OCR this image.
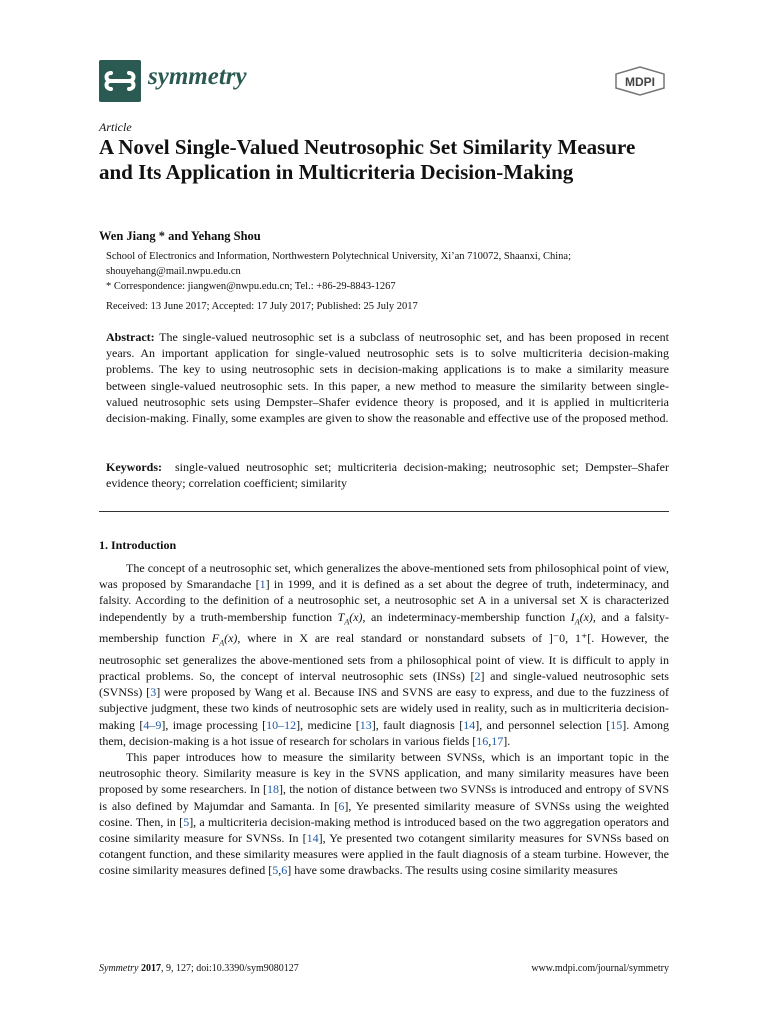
symmetry	MDPI
Article
A Novel Single-Valued Neutrosophic Set Similarity Measure and Its Application in Multicriteria Decision-Making
Wen Jiang * and Yehang Shou
School of Electronics and Information, Northwestern Polytechnical University, Xi’an 710072, Shaanxi, China;
shouyehang@mail.nwpu.edu.cn
* Correspondence: jiangwen@nwpu.edu.cn; Tel.: +86-29-8843-1267
Received: 13 June 2017; Accepted: 17 July 2017; Published: 25 July 2017

Abstract: The single-valued neutrosophic set is a subclass of neutrosophic set, and has been proposed in recent years. An important application for single-valued neutrosophic sets is to solve multicriteria decision-making problems. The key to using neutrosophic sets in decision-making applications is to make a similarity measure between single-valued neutrosophic sets. In this paper, a new method to measure the similarity between single-valued neutrosophic sets using Dempster–Shafer evidence theory is proposed, and it is applied in multicriteria decision-making. Finally, some examples are given to show the reasonable and effective use of the proposed method.

Keywords: single-valued neutrosophic set; multicriteria decision-making; neutrosophic set; Dempster–Shafer evidence theory; correlation coefficient; similarity

1. Introduction

The concept of a neutrosophic set, which generalizes the above-mentioned sets from philosophical point of view, was proposed by Smarandache [1] in 1999, and it is defined as a set about the degree of truth, indeterminacy, and falsity. According to the definition of a neutrosophic set, a neutrosophic set A in a universal set X is characterized independently by a truth-membership function $T_A(x)$, an indeterminacy-membership function $I_A(x)$, and a falsity-membership function $F_A(x)$, where in X are real standard or nonstandard subsets of ]⁻0, 1⁺[. However, the neutrosophic set generalizes the above-mentioned sets from a philosophical point of view. It is difficult to apply in practical problems. So, the concept of interval neutrosophic sets (INSs) [2] and single-valued neutrosophic sets (SVNSs) [3] were proposed by Wang et al. Because INS and SVNS are easy to express, and due to the fuzziness of subjective judgment, these two kinds of neutrosophic sets are widely used in reality, such as in multicriteria decision-making [4–9], image processing [10–12], medicine [13], fault diagnosis [14], and personnel selection [15]. Among them, decision-making is a hot issue of research for scholars in various fields [16,17].

This paper introduces how to measure the similarity between SVNSs, which is an important topic in the neutrosophic theory. Similarity measure is key in the SVNS application, and many similarity measures have been proposed by some researchers. In [18], the notion of distance between two SVNSs is introduced and entropy of SVNS is also defined by Majumdar and Samanta. In [6], Ye presented similarity measure of SVNSs using the weighted cosine. Then, in [5], a multicriteria decision-making method is introduced based on the two aggregation operators and cosine similarity measure for SVNSs. In [14], Ye presented two cotangent similarity measures for SVNSs based on cotangent function, and these similarity measures were applied in the fault diagnosis of a steam turbine. However, the cosine similarity measures defined [5,6] have some drawbacks. The results using cosine similarity measures

Symmetry 2017, 9, 127; doi:10.3390/sym9080127	www.mdpi.com/journal/symmetry
